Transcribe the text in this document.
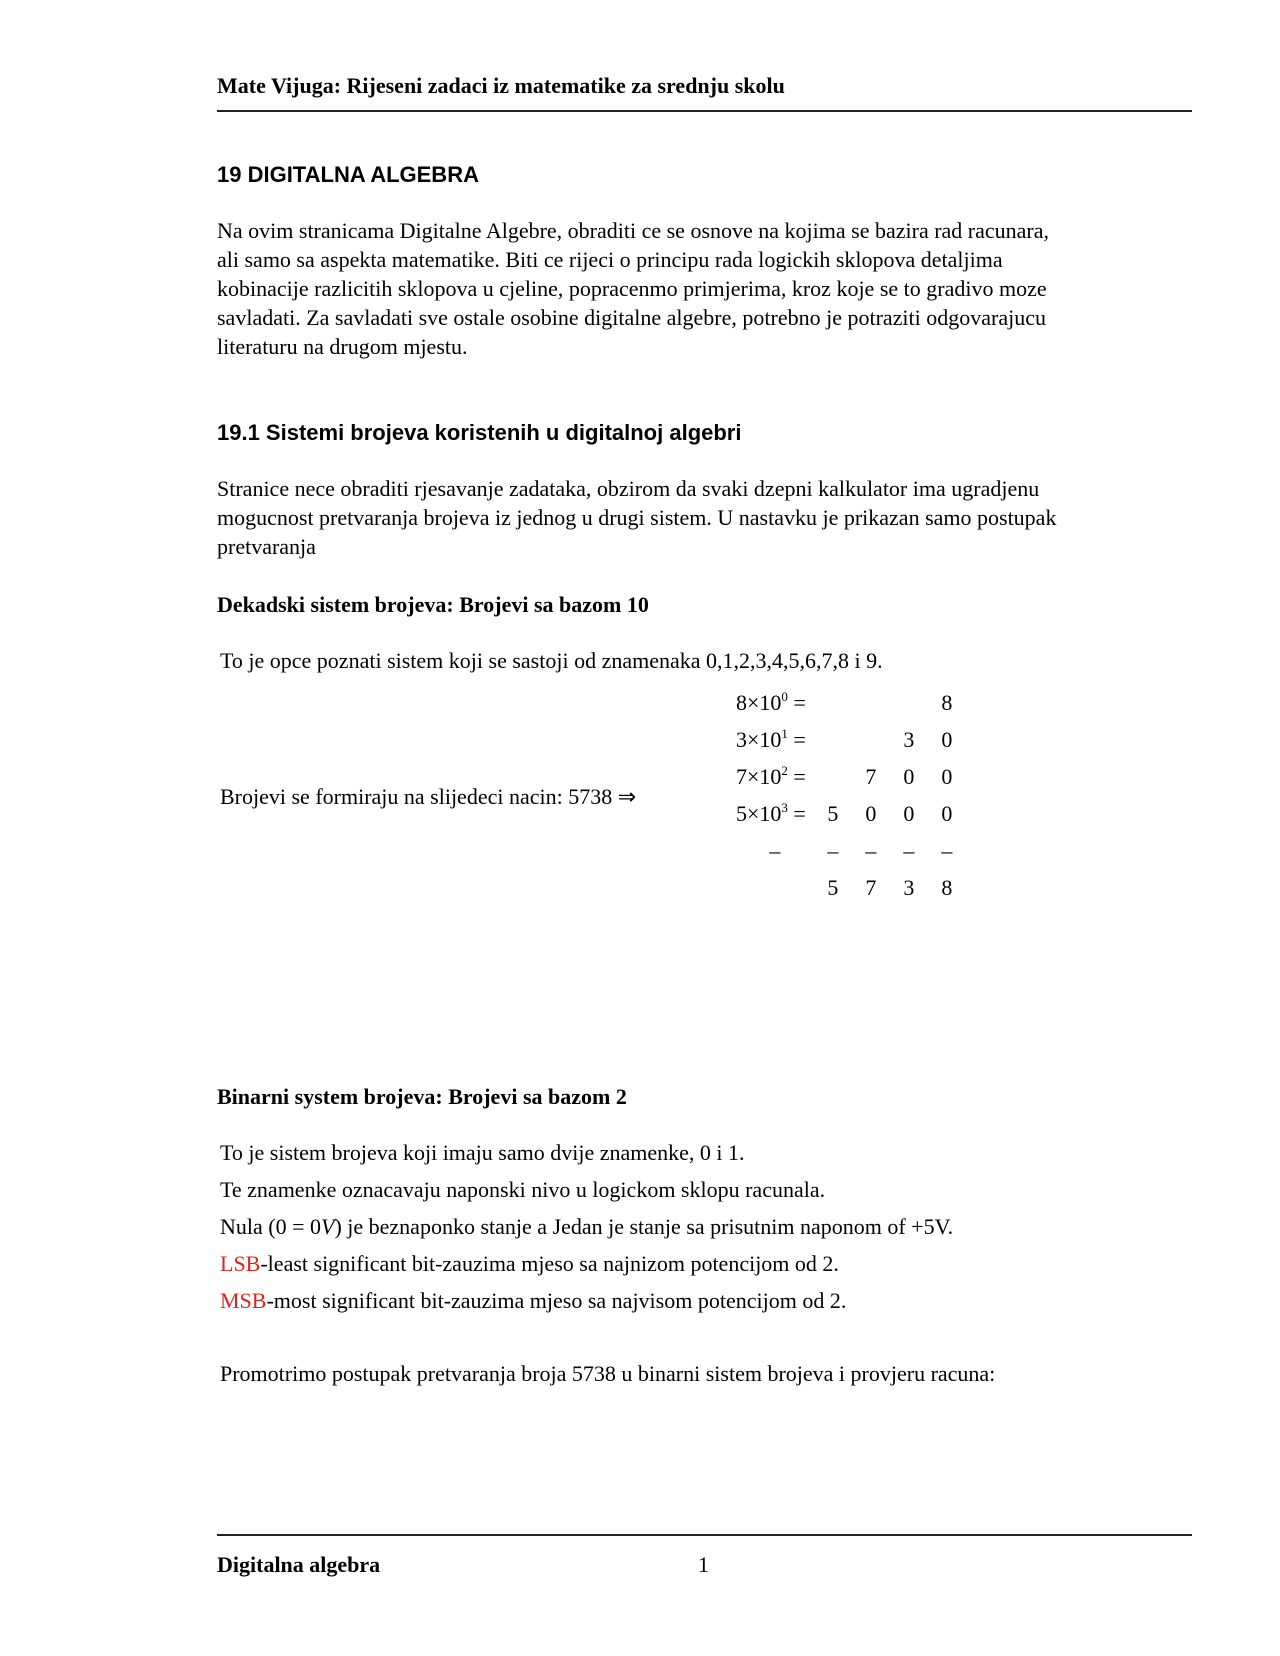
Mate Vijuga: Rijeseni zadaci iz matematike za srednju skolu
19 DIGITALNA ALGEBRA
Na ovim stranicama Digitalne Algebre, obraditi ce se osnove na kojima se bazira rad racunara,
ali samo sa aspekta matematike. Biti ce rijeci o principu rada logickih sklopova detaljima
kobinacije razlicitih sklopova u cjeline, popracenmo primjerima, kroz koje se to gradivo moze
savladati. Za savladati sve ostale osobine digitalne algebre, potrebno je potraziti odgovarajucu
literaturu na drugom mjestu.
19.1 Sistemi brojeva koristenih u digitalnoj algebri
Stranice nece obraditi rjesavanje zadataka, obzirom da svaki dzepni kalkulator ima ugradjenu
mogucnost pretvaranja brojeva iz jednog u drugi sistem. U nastavku je prikazan samo postupak
pretvaranja
Dekadski sistem brojeva: Brojevi sa bazom 10
To je opce poznati sistem koji se sastoji od znamenaka 0,1,2,3,4,5,6,7,8 i 9.
Brojevi se formiraju na slijedeci nacin: 5738 ⇒
$8\times 10^0$ =				8
$3\times 10^1$ =			3	0
$7\times 10^2$ =		7	0	0
$5\times 10^3$ =	5	0	0	0
–	–	–	–	–
	5	7	3	8
Binarni system brojeva: Brojevi sa bazom 2
To je sistem brojeva koji imaju samo dvije znamenke, 0 i 1.
Te znamenke oznacavaju naponski nivo u logickom sklopu racunala.
Nula (0 = 0V) je beznaponko stanje a Jedan je stanje sa prisutnim naponom of +5V.
LSB-least significant bit-zauzima mjeso sa najnizom potencijom od 2.
MSB-most significant bit-zauzima mjeso sa najvisom potencijom od 2.
Promotrimo postupak pretvaranja broja 5738 u binarni sistem brojeva i provjeru racuna:
Digitalna algebra	1
